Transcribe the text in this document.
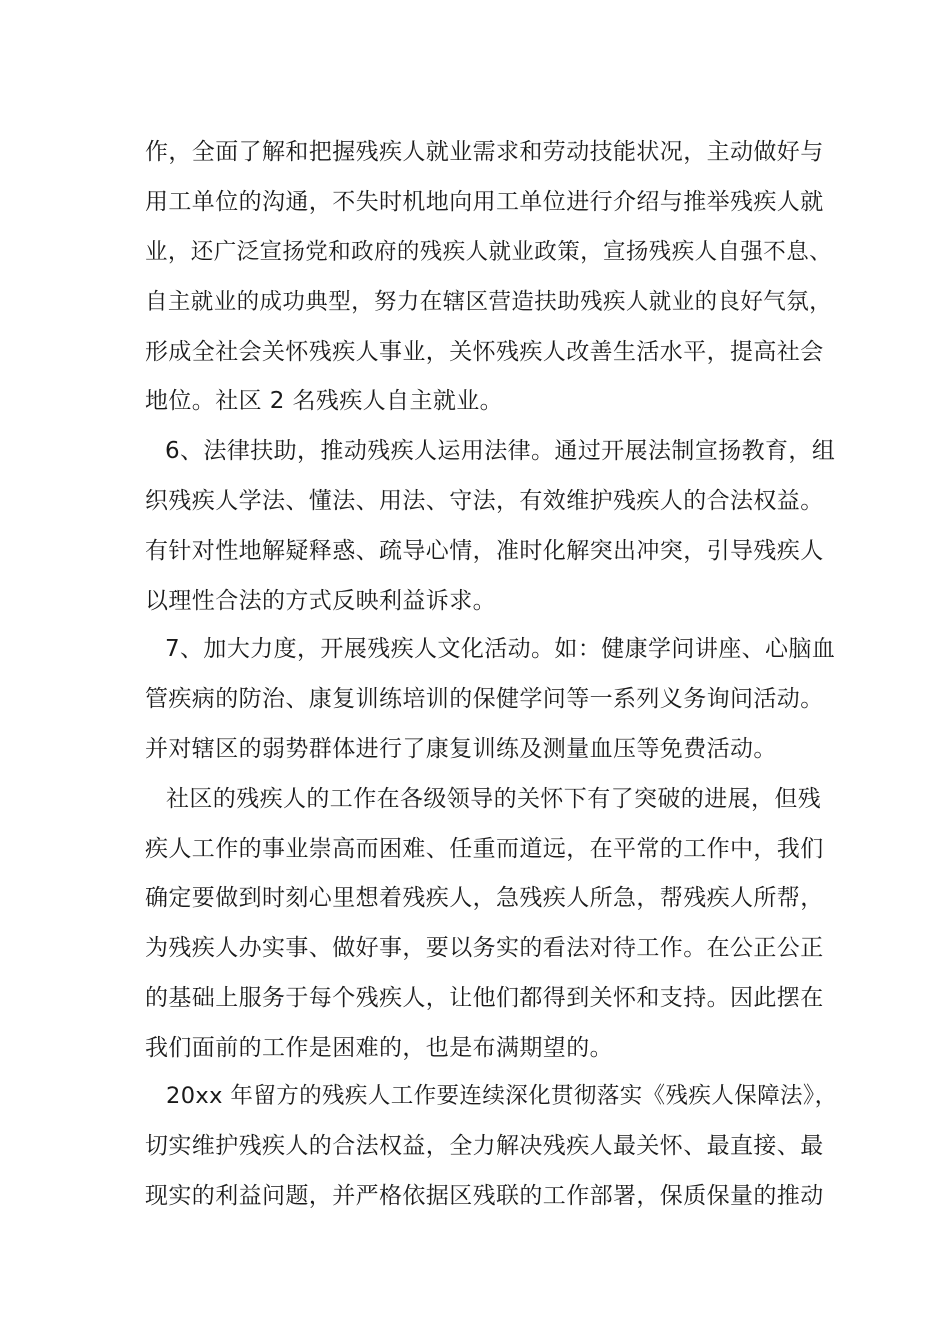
作，全面了解和把握残疾人就业需求和劳动技能状况，主动做好与

用工单位的沟通，不失时机地向用工单位进行介绍与推举残疾人就

业，还广泛宣扬党和政府的残疾人就业政策，宣扬残疾人自强不息、

自主就业的成功典型，努力在辖区营造扶助残疾人就业的良好气氛，

形成全社会关怀残疾人事业，关怀残疾人改善生活水平，提高社会

地位。社区 2 名残疾人自主就业。

6、法律扶助，推动残疾人运用法律。通过开展法制宣扬教育，组

织残疾人学法、懂法、用法、守法，有效维护残疾人的合法权益。

有针对性地解疑释惑、疏导心情，准时化解突出冲突，引导残疾人

以理性合法的方式反映利益诉求。

7、加大力度，开展残疾人文化活动。如：健康学问讲座、心脑血

管疾病的防治、康复训练培训的保健学问等一系列义务询问活动。

并对辖区的弱势群体进行了康复训练及测量血压等免费活动。

社区的残疾人的工作在各级领导的关怀下有了突破的进展，但残

疾人工作的事业崇高而困难、任重而道远，在平常的工作中，我们

确定要做到时刻心里想着残疾人，急残疾人所急，帮残疾人所帮，

为残疾人办实事、做好事，要以务实的看法对待工作。在公正公正

的基础上服务于每个残疾人，让他们都得到关怀和支持。因此摆在

我们面前的工作是困难的，也是布满期望的。

20xx 年留方的残疾人工作要连续深化贯彻落实《残疾人保障法》，

切实维护残疾人的合法权益，全力解决残疾人最关怀、最直接、最

现实的利益问题，并严格依据区残联的工作部署，保质保量的推动
